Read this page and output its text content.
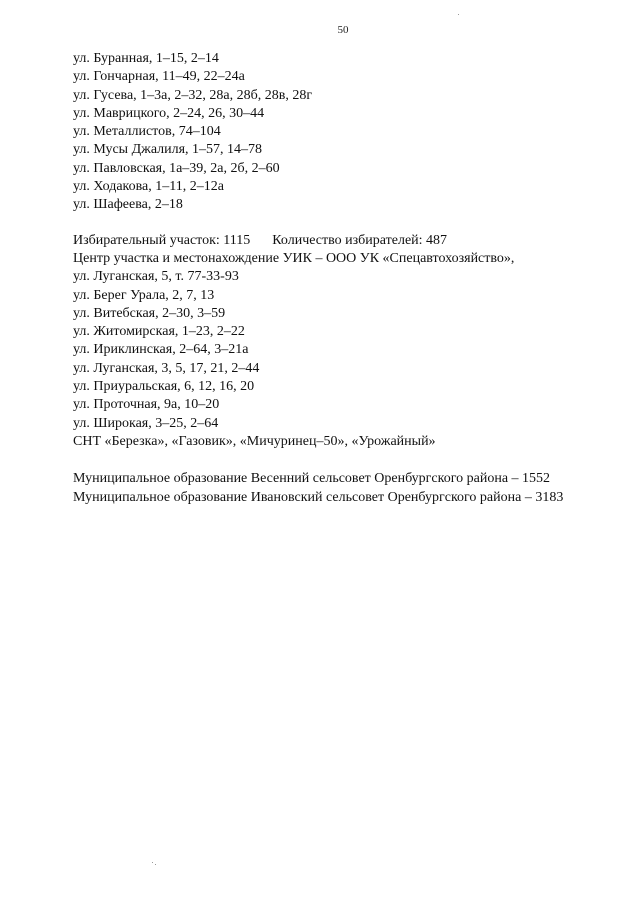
50
ул. Буранная, 1–15, 2–14
ул. Гончарная, 11–49, 22–24а
ул. Гусева, 1–3а, 2–32, 28а, 28б, 28в, 28г
ул. Маврицкого, 2–24, 26, 30–44
ул. Металлистов, 74–104
ул. Мусы Джалиля, 1–57, 14–78
ул. Павловская, 1а–39, 2а, 2б, 2–60
ул. Ходакова, 1–11, 2–12а
ул. Шафеева, 2–18
Избирательный участок: 1115 Количество избирателей: 487
Центр участка и местонахождение УИК – ООО УК «Спецавтохозяйство»,
ул. Луганская, 5, т. 77-33-93
ул. Берег Урала, 2, 7, 13
ул. Витебская, 2–30, 3–59
ул. Житомирская, 1–23, 2–22
ул. Ириклинская, 2–64, 3–21а
ул. Луганская, 3, 5, 17, 21, 2–44
ул. Приуральская, 6, 12, 16, 20
ул. Проточная, 9а, 10–20
ул. Широкая, 3–25, 2–64
СНТ «Березка», «Газовик», «Мичуринец–50», «Урожайный»
Муниципальное образование Весенний сельсовет Оренбургского района – 1552
Муниципальное образование Ивановский сельсовет Оренбургского района – 3183
